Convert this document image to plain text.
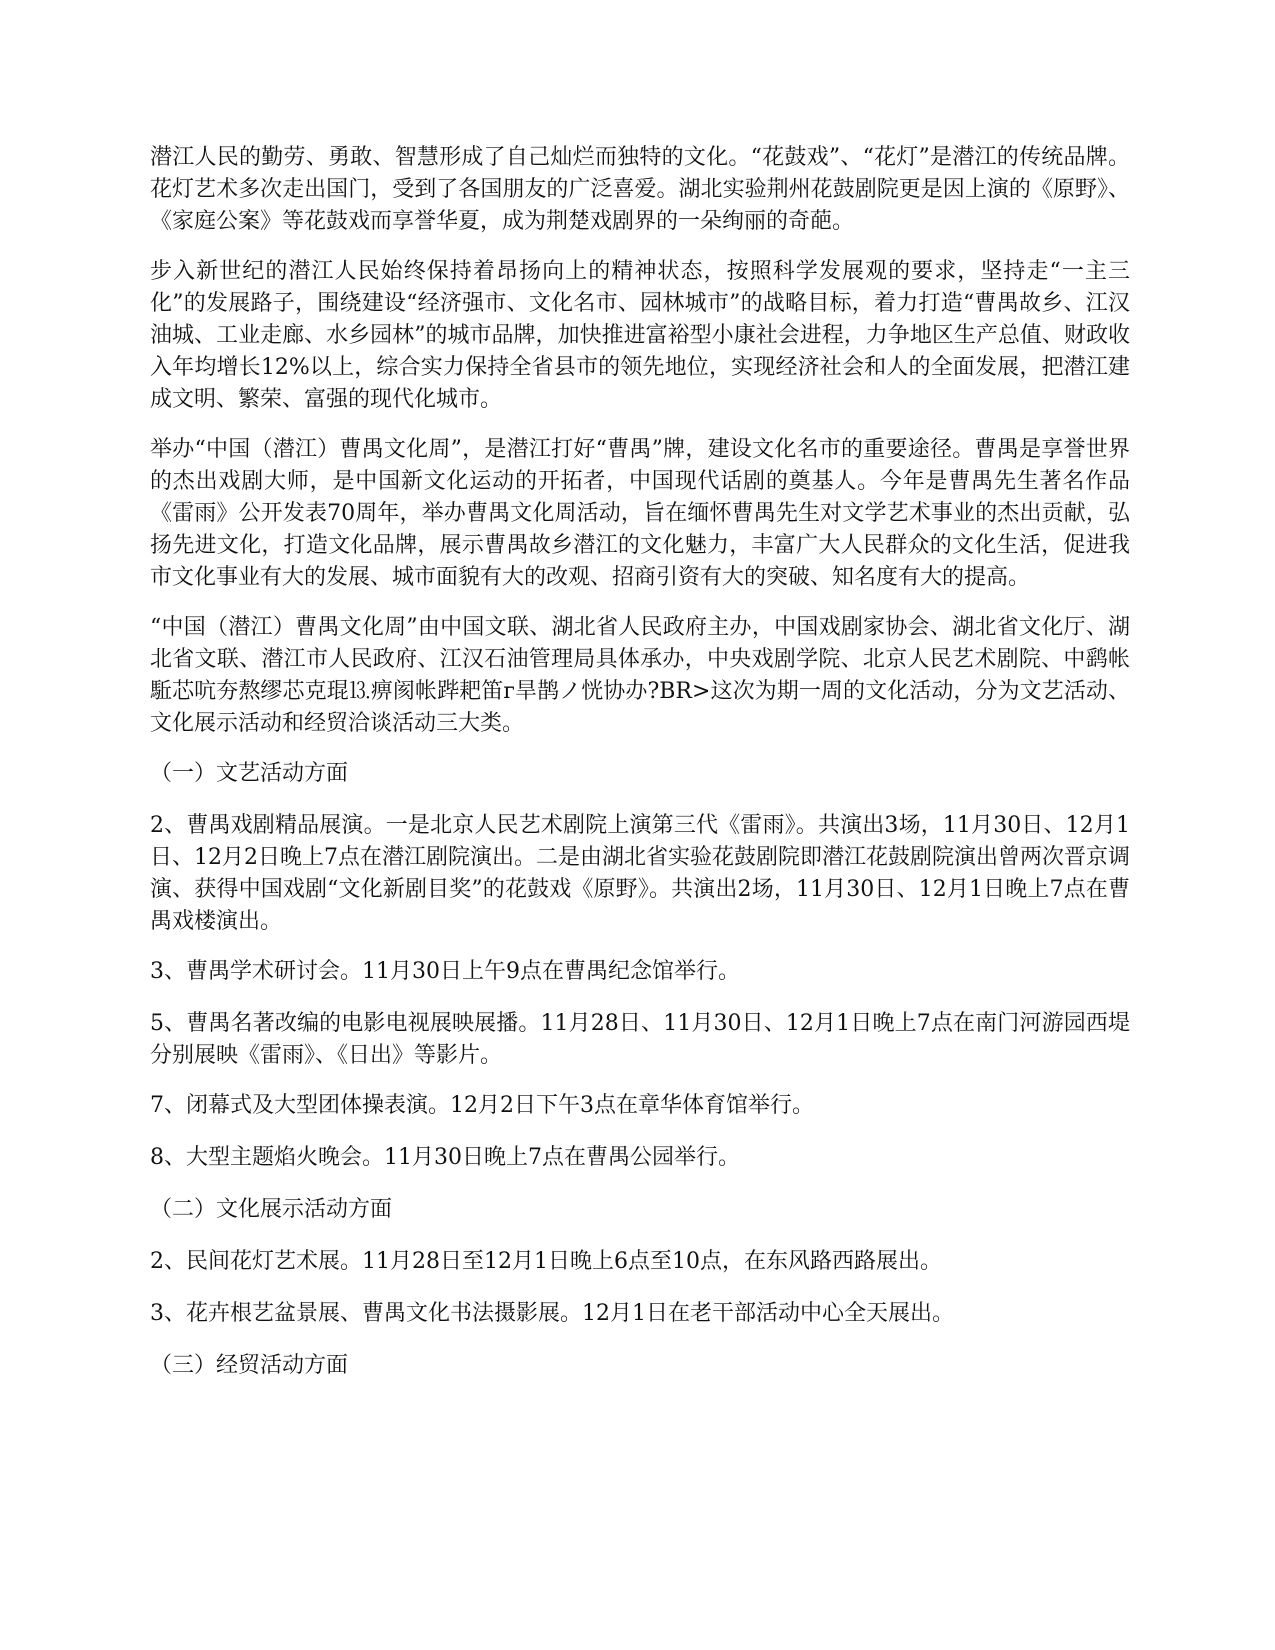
潜江人民的勤劳、勇敢、智慧形成了自己灿烂而独特的文化。“花鼓戏”、“花灯”是潜江的传统品牌。花灯艺术多次走出国门，受到了各国朋友的广泛喜爱。湖北实验荆州花鼓剧院更是因上演的《原野》、《家庭公案》等花鼓戏而享誉华夏，成为荆楚戏剧界的一朵绚丽的奇葩。

步入新世纪的潜江人民始终保持着昂扬向上的精神状态，按照科学发展观的要求，坚持走“一主三化”的发展路子，围绕建设“经济强市、文化名市、园林城市”的战略目标，着力打造“曹禺故乡、江汉油城、工业走廊、水乡园林”的城市品牌，加快推进富裕型小康社会进程，力争地区生产总值、财政收入年均增长12%以上，综合实力保持全省县市的领先地位，实现经济社会和人的全面发展，把潜江建成文明、繁荣、富强的现代化城市。

举办“中国（潜江）曹禺文化周”，是潜江打好“曹禺”牌，建设文化名市的重要途径。曹禺是享誉世界的杰出戏剧大师，是中国新文化运动的开拓者，中国现代话剧的奠基人。今年是曹禺先生著名作品《雷雨》公开发表70周年，举办曹禺文化周活动，旨在缅怀曹禺先生对文学艺术事业的杰出贡献，弘扬先进文化，打造文化品牌，展示曹禺故乡潜江的文化魅力，丰富广大人民群众的文化生活，促进我市文化事业有大的发展、城市面貌有大的改观、招商引资有大的突破、知名度有大的提高。

“中国（潜江）曹禺文化周”由中国文联、湖北省人民政府主办，中国戏剧家协会、湖北省文化厅、湖北省文联、潜江市人民政府、江汉石油管理局具体承办，中央戏剧学院、北京人民艺术剧院、中鹞帐駈芯吭夯熬缪芯克琨⒔痹阂帐跸耙笛г旱鹊ノ恍协办?BR>这次为期一周的文化活动，分为文艺活动、文化展示活动和经贸洽谈活动三大类。

（一）文艺活动方面

2、曹禺戏剧精品展演。一是北京人民艺术剧院上演第三代《雷雨》。共演出3场，11月30日、12月1日、12月2日晚上7点在潜江剧院演出。二是由湖北省实验花鼓剧院即潜江花鼓剧院演出曾两次晋京调演、获得中国戏剧“文化新剧目奖”的花鼓戏《原野》。共演出2场，11月30日、12月1日晚上7点在曹禺戏楼演出。

3、曹禺学术研讨会。11月30日上午9点在曹禺纪念馆举行。

5、曹禺名著改编的电影电视展映展播。11月28日、11月30日、12月1日晚上7点在南门河游园西堤分别展映《雷雨》、《日出》等影片。

7、闭幕式及大型团体操表演。12月2日下午3点在章华体育馆举行。

8、大型主题焰火晚会。11月30日晚上7点在曹禺公园举行。

（二）文化展示活动方面

2、民间花灯艺术展。11月28日至12月1日晚上6点至10点，在东风路西路展出。

3、花卉根艺盆景展、曹禺文化书法摄影展。12月1日在老干部活动中心全天展出。

（三）经贸活动方面
